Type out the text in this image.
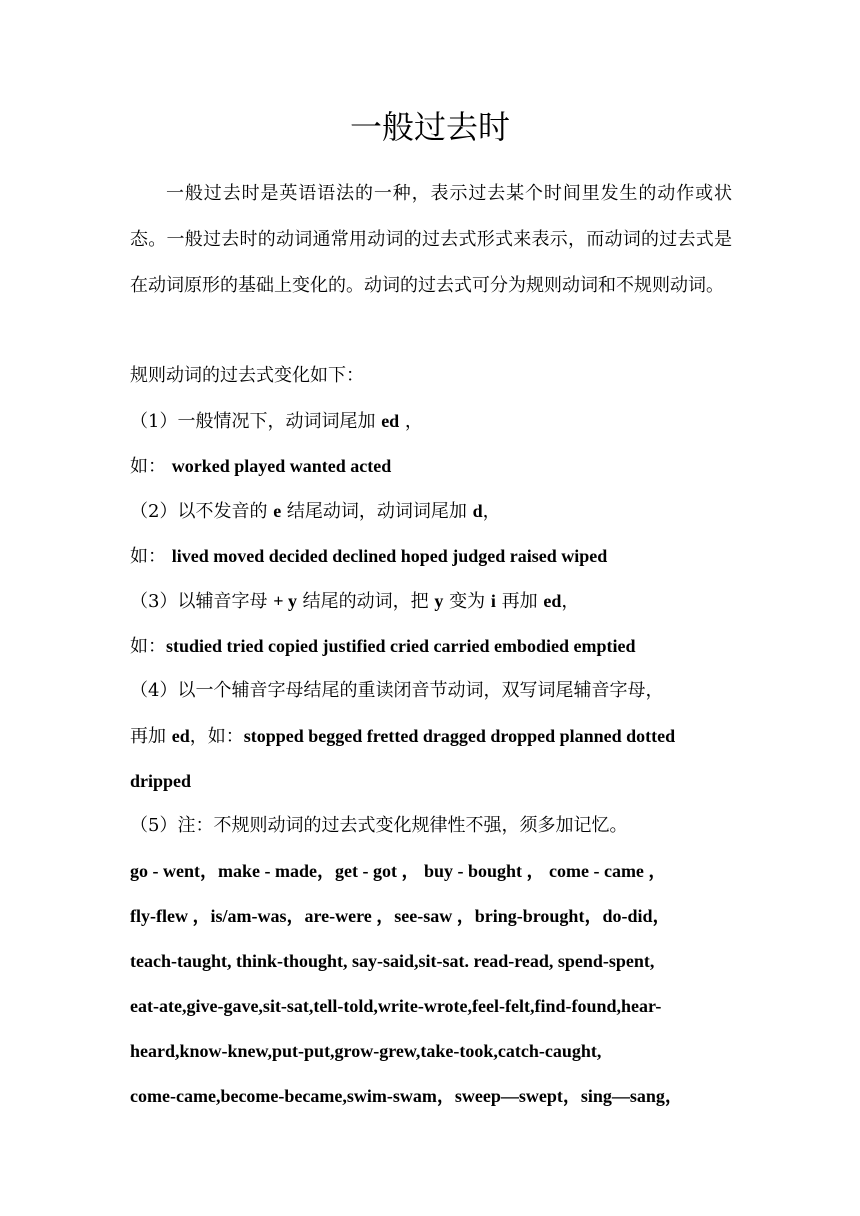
一般过去时

一般过去时是英语语法的一种，表示过去某个时间里发生的动作或状态。一般过去时的动词通常用动词的过去式形式来表示，而动词的过去式是在动词原形的基础上变化的。动词的过去式可分为规则动词和不规则动词。

规则动词的过去式变化如下：
（1）一般情况下，动词词尾加 ed ，
如： worked played wanted acted
（2）以不发音的 e 结尾动词，动词词尾加 d，
如： lived moved decided declined hoped judged raised wiped
（3）以辅音字母 + y 结尾的动词，把 y 变为 i 再加 ed，
如：studied tried copied justified cried carried embodied emptied
（4）以一个辅音字母结尾的重读闭音节动词，双写词尾辅音字母，
再加 ed，如：stopped begged fretted dragged dropped planned dotted
dripped
（5）注：不规则动词的过去式变化规律性不强，须多加记忆。
go - went，make - made，get - got ， buy - bought ， come - came ，
fly-flew ，is/am-was，are-were ，see-saw ，bring-brought，do-did，
teach-taught, think-thought, say-said,sit-sat. read-read, spend-spent,
eat-ate,give-gave,sit-sat,tell-told,write-wrote,feel-felt,find-found,hear-
heard,know-knew,put-put,grow-grew,take-took,catch-caught,
come-came,become-became,swim-swam，sweep—swept，sing—sang，
